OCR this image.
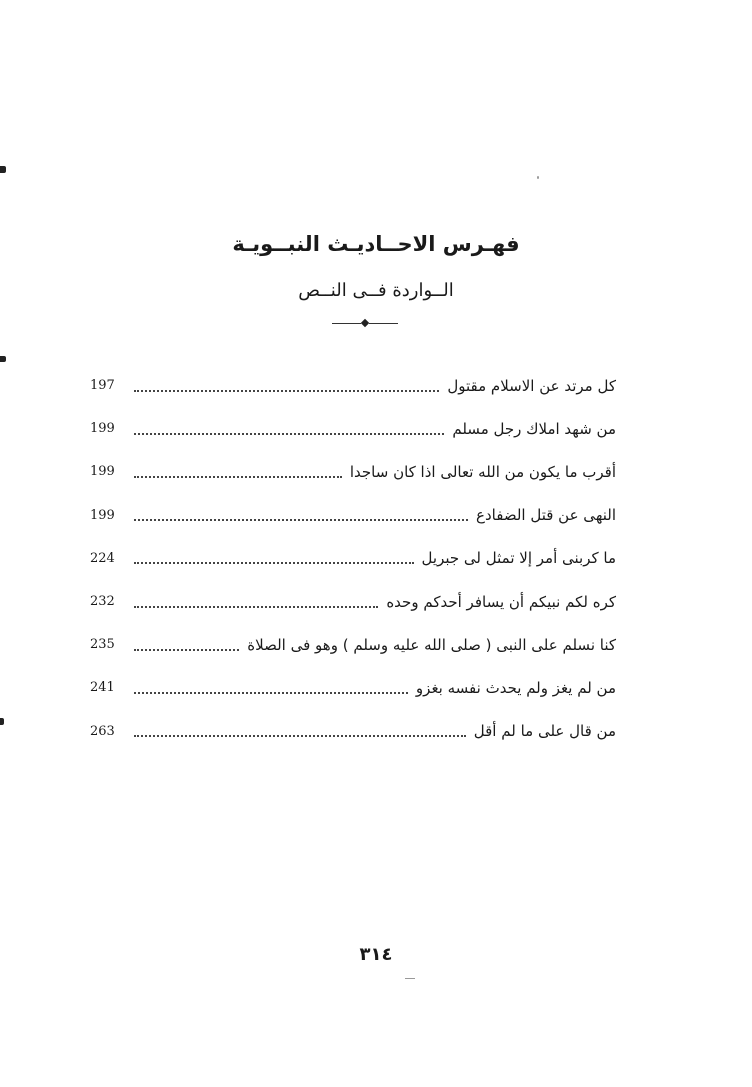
فهـرس الاحــاديـث النبــويـة
الــواردة فــى النــص
197	كل مرتد عن الاسلام مقتول
199	من شهد املاك رجل مسلم
199	أقرب ما يكون من الله تعالى اذا كان ساجدا
199	النهى عن قتل الضفادع
224	ما كربنى أمر إلا تمثل لى جبريل
232	كره لكم نبيكم أن يسافر أحدكم وحده
235	كنا نسلم على النبى ( صلى الله عليه وسلم ) وهو فى الصلاة
241	من لم يغز ولم يحدث نفسه بغزو
263	من قال على ما لم أقل
٣١٤
